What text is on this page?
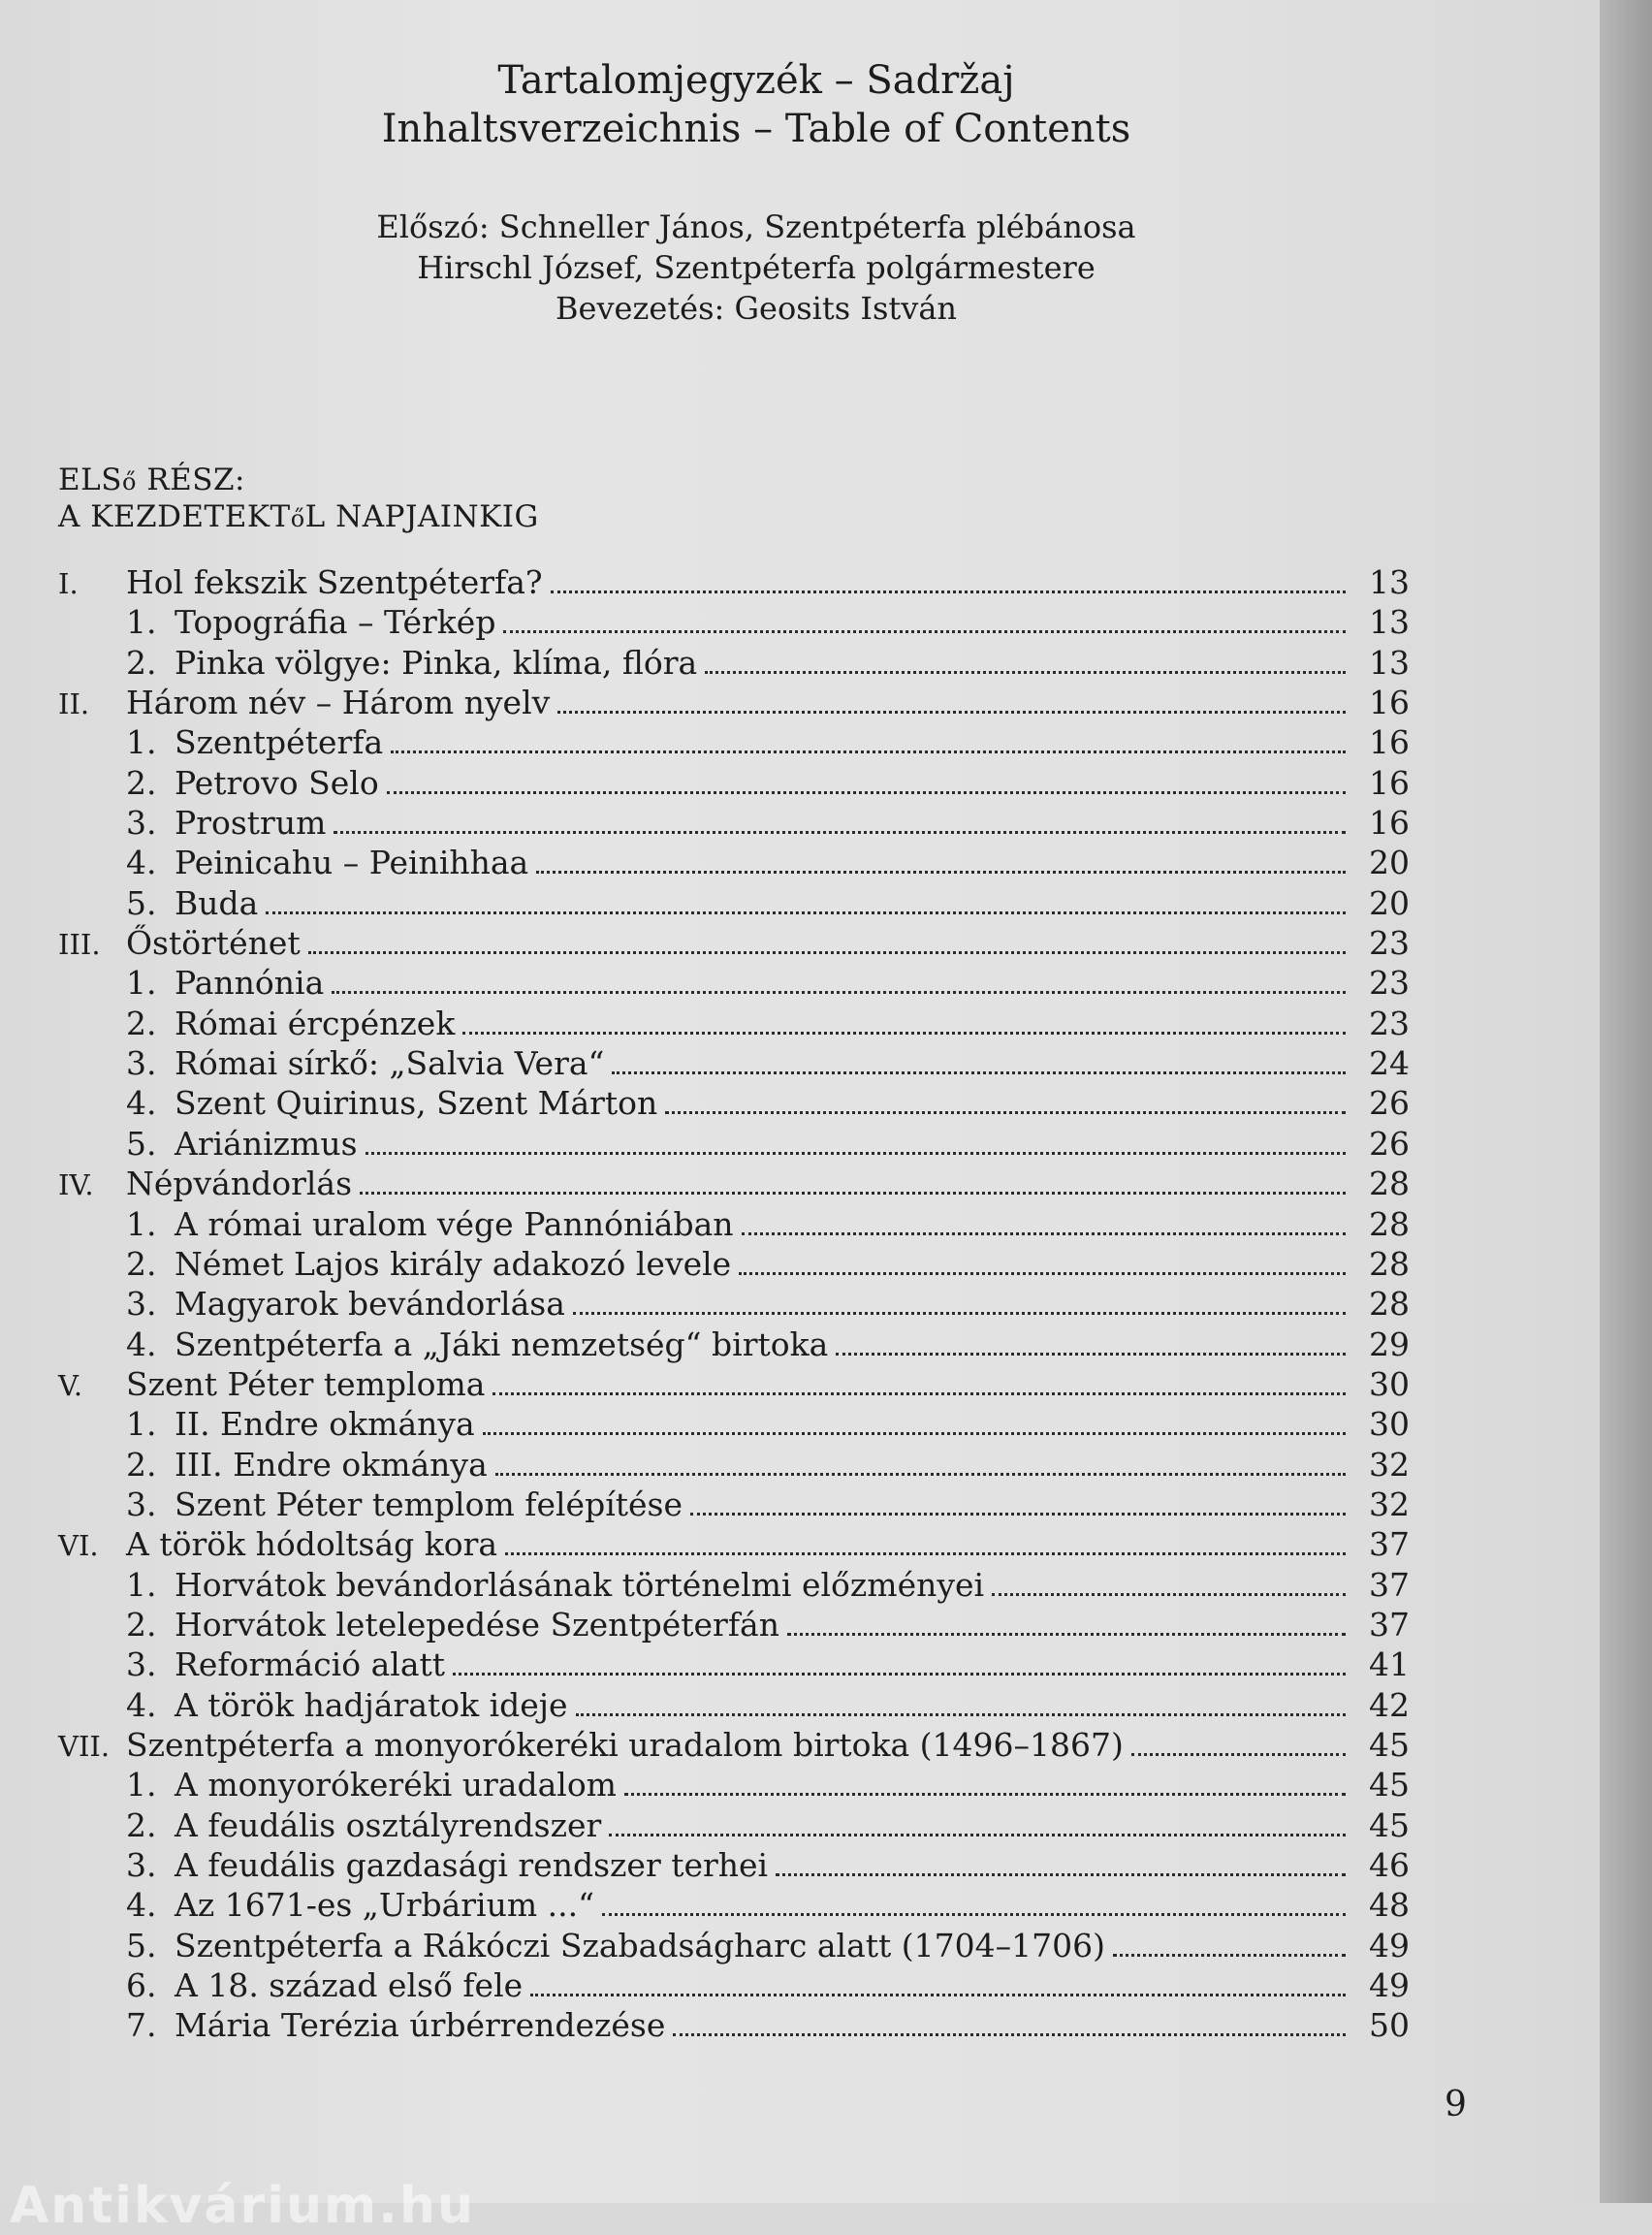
Tartalomjegyzék – Sadržaj
Inhaltsverzeichnis – Table of Contents
Előszó: Schneller János, Szentpéterfa plébánosa
Hirschl József, Szentpéterfa polgármestere
Bevezetés: Geosits István
ELSő RÉSZ:
A KEZDETEKTőL NAPJAINKIG
I.	Hol fekszik Szentpéterfa?	13
1. Topográfia – Térkép	13
2. Pinka völgye: Pinka, klíma, flóra	13
II.	Három név – Három nyelv	16
1. Szentpéterfa	16
2. Petrovo Selo	16
3. Prostrum	16
4. Peinicahu – Peinihhaa	20
5. Buda	20
III. Őstörténet	23
1. Pannónia	23
2. Római ércpénzek	23
3. Római sírkő: „Salvia Vera“	24
4. Szent Quirinus, Szent Márton	26
5. Ariánizmus	26
IV.	Népvándorlás	28
1. A római uralom vége Pannóniában	28
2. Német Lajos király adakozó levele	28
3. Magyarok bevándorlása	28
4. Szentpéterfa a „Jáki nemzetség“ birtoka	29
V.	Szent Péter temploma	30
1. II. Endre okmánya	30
2. III. Endre okmánya	32
3. Szent Péter templom felépítése	32
VI. A török hódoltság kora	37
1. Horvátok bevándorlásának történelmi előzményei	37
2. Horvátok letelepedése Szentpéterfán	37
3. Reformáció alatt	41
4. A török hadjáratok ideje	42
VII. Szentpéterfa a monyorókeréki uradalom birtoka (1496–1867)	45
1. A monyorókeréki uradalom	45
2. A feudális osztályrendszer	45
3. A feudális gazdasági rendszer terhei	46
4. Az 1671-es „Urbárium ...“	48
5. Szentpéterfa a Rákóczi Szabadságharc alatt (1704–1706)	49
6. A 18. század első fele	49
7. Mária Terézia úrbérrendezése	50
9
Antikvárium.hu
